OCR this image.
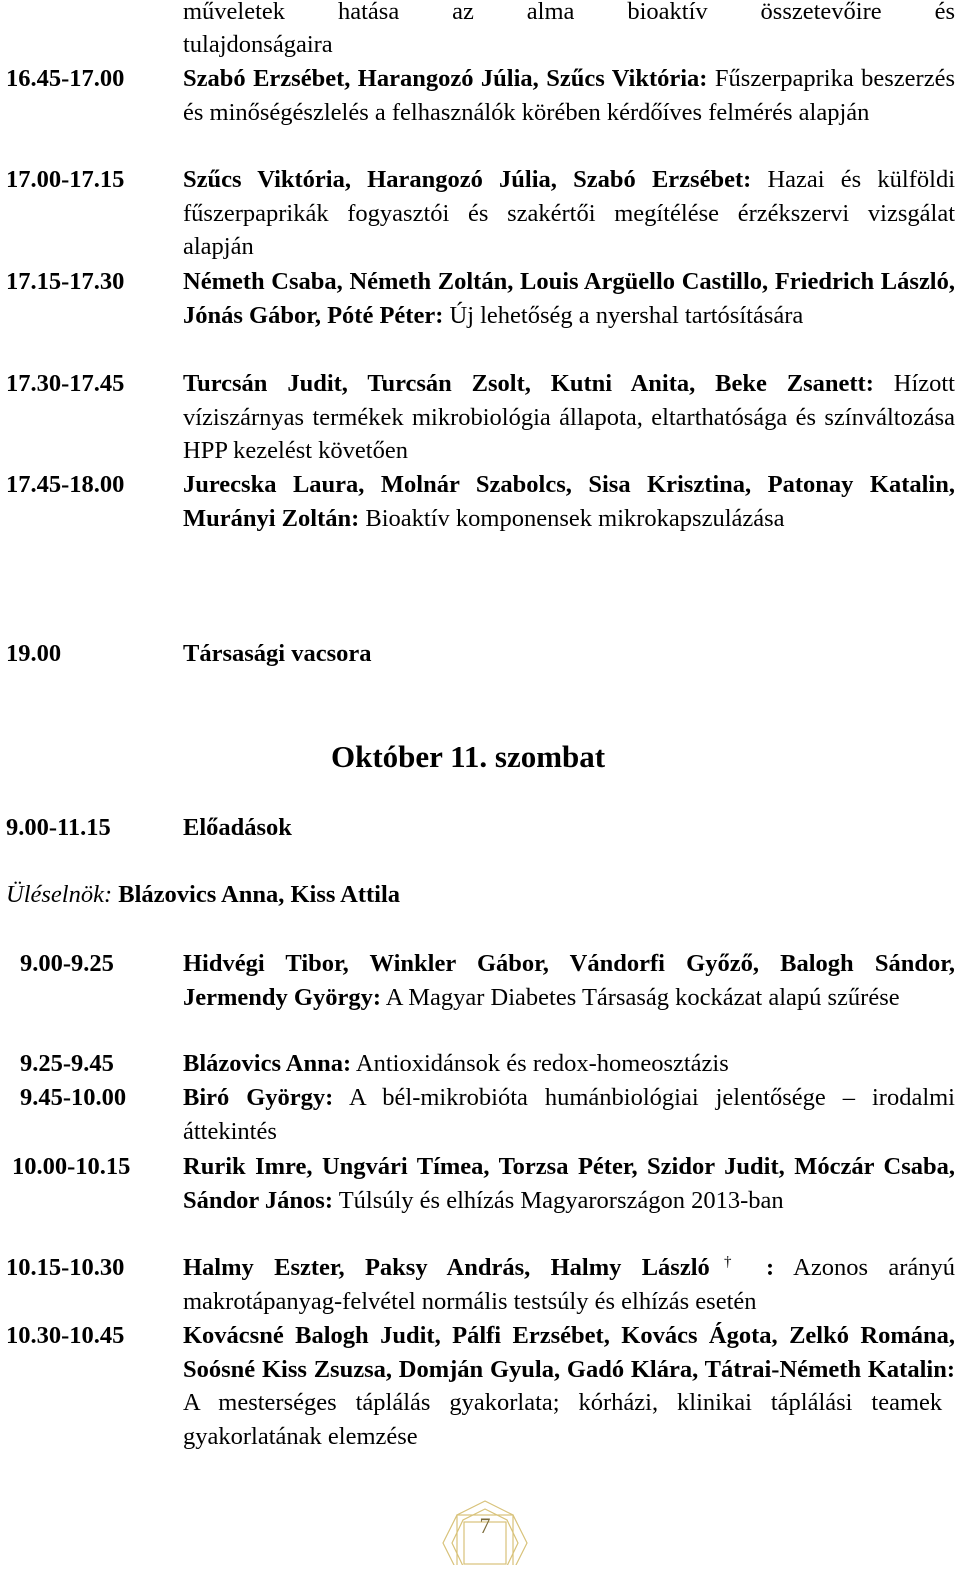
műveletek hatása az alma bioaktív összetevőire és
tulajdonságaira
16.45-17.00 Szabó Erzsébet, Harangozó Júlia, Szűcs Viktória: Fűszerpaprika beszerzés és minőségészlelés a felhasználók körében kérdőíves felmérés alapján
17.00-17.15 Szűcs Viktória, Harangozó Júlia, Szabó Erzsébet: Hazai és külföldi fűszerpaprikák fogyasztói és szakértői megítélése érzékszervi vizsgálat alapján
17.15-17.30 Németh Csaba, Németh Zoltán, Louis Argüello Castillo, Friedrich László, Jónás Gábor, Póté Péter: Új lehetőség a nyershal tartósítására
17.30-17.45 Turcsán Judit, Turcsán Zsolt, Kutni Anita, Beke Zsanett: Hízott víziszárnyas termékek mikrobiológia állapota, eltarthatósága és színváltozása HPP kezelést követően
17.45-18.00 Jurecska Laura, Molnár Szabolcs, Sisa Krisztina, Patonay Katalin, Murányi Zoltán: Bioaktív komponensek mikrokapszulázása
19.00	Társasági vacsora
Október 11. szombat
9.00-11.15	Előadások
Üléselnök: Blázovics Anna, Kiss Attila
9.00-9.25	Hidvégi Tibor, Winkler Gábor, Vándorfi Győző, Balogh Sándor, Jermendy György: A Magyar Diabetes Társaság kockázat alapú szűrése
9.25-9.45	Blázovics Anna: Antioxidánsok és redox-homeosztázis
9.45-10.00 Biró György: A bél-mikrobióta humánbiológiai jelentősége – irodalmi áttekintés
10.00-10.15 Rurik Imre, Ungvári Tímea, Torzsa Péter, Szidor Judit, Móczár Csaba, Sándor János: Túlsúly és elhízás Magyarországon 2013-ban
10.15-10.30 Halmy Eszter, Paksy András, Halmy László† : Azonos arányú makrotápanyag-felvétel normális testsúly és elhízás esetén
10.30-10.45 Kovácsné Balogh Judit, Pálfi Erzsébet, Kovács Ágota, Zelkó Romána, Soósné Kiss Zsuzsa, Domján Gyula, Gadó Klára, Tátrai-Németh Katalin: A mesterséges táplálás gyakorlata; kórházi, klinikai táplálási teamek gyakorlatának elemzése
7
